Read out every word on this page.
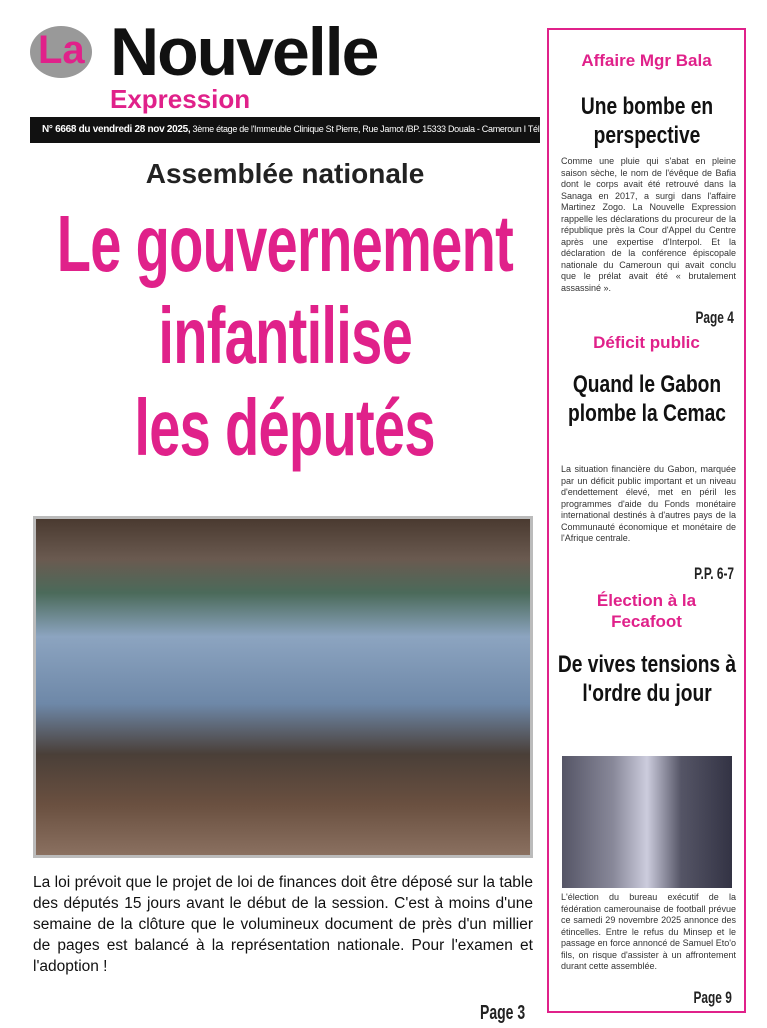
La Nouvelle
Expression
N° 6668 du vendredi 28 nov 2025, 3ème étage de l'Immeuble Clinique St Pierre, Rue Jamot /BP. 15333 Douala - Cameroun I Tél. 33 43 22 27 I Fax. 33 43 26 b
Assemblée nationale
Le gouvernement
infantilise
les députés
La loi prévoit que le projet de loi de finances doit être déposé sur la table des députés 15 jours avant le début de la session. C'est à moins d'une semaine de la clôture que le volumineux document de près d'un millier de pages est balancé à la représentation nationale. Pour l'examen et l'adoption !
Page 3
Affaire Mgr Bala
Une bombe en perspective
Comme une pluie qui s'abat en pleine saison sèche, le nom de l'évêque de Bafia dont le corps avait été retrouvé dans la Sanaga en 2017, a surgi dans l'affaire Martinez Zogo. La Nouvelle Expression rappelle les déclarations du procureur de la république près la Cour d'Appel du Centre après une expertise d'Interpol. Et la déclaration de la conférence épiscopale nationale du Cameroun qui avait conclu que le prélat avait été « brutalement assassiné ».
Page 4
Déficit public
Quand le Gabon plombe la Cemac
La situation financière du Gabon, marquée par un déficit public important et un niveau d'endettement élevé, met en péril les programmes d'aide du Fonds monétaire international destinés à d'autres pays de la Communauté économique et monétaire de l'Afrique centrale.
P.P. 6-7
Élection à la Fecafoot
De vives tensions à l'ordre du jour
L'élection du bureau exécutif de la fédération camerounaise de football prévue ce samedi 29 novembre 2025 annonce des étincelles. Entre le refus du Minsep et le passage en force annoncé de Samuel Eto'o fils, on risque d'assister à un affrontement durant cette assemblée.
Page 9
